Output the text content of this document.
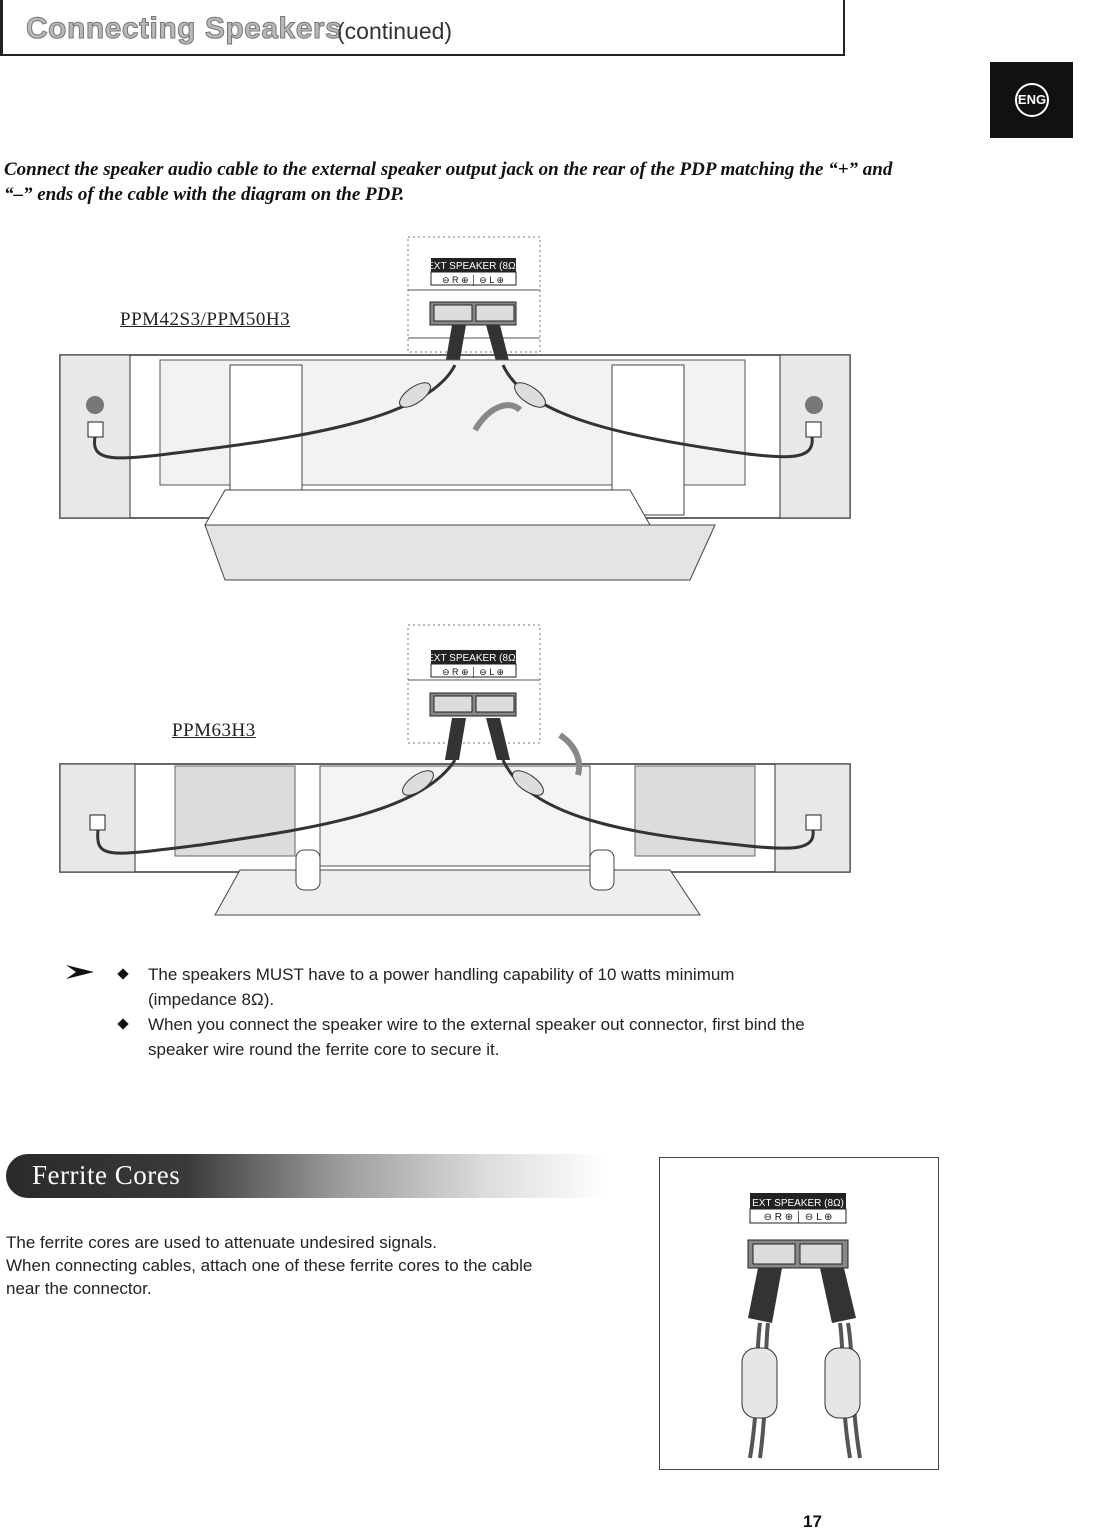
Connecting Speakers
(continued)
ENG
Connect the speaker audio cable to the external speaker output jack on the rear of the PDP matching the “+” and “–” ends of the cable with the diagram on the PDP.
PPM42S3/PPM50H3
PPM63H3
EXT SPEAKER (8Ω)
⊖ R ⊕ │ ⊖ L ⊕
EXT SPEAKER (8Ω)
⊖ R ⊕ │ ⊖ L ⊕
The speakers MUST have to a power handling capability of 10 watts minimum (impedance 8Ω).
When you connect the speaker wire to the external speaker out connector, first bind the speaker wire round the ferrite core to secure it.
Ferrite Cores

The ferrite cores are used to attenuate undesired signals.

When connecting cables, attach one of these ferrite cores to the cable near the connector.

EXT SPEAKER (8Ω)
⊖ R ⊕ │ ⊖ L ⊕
17
